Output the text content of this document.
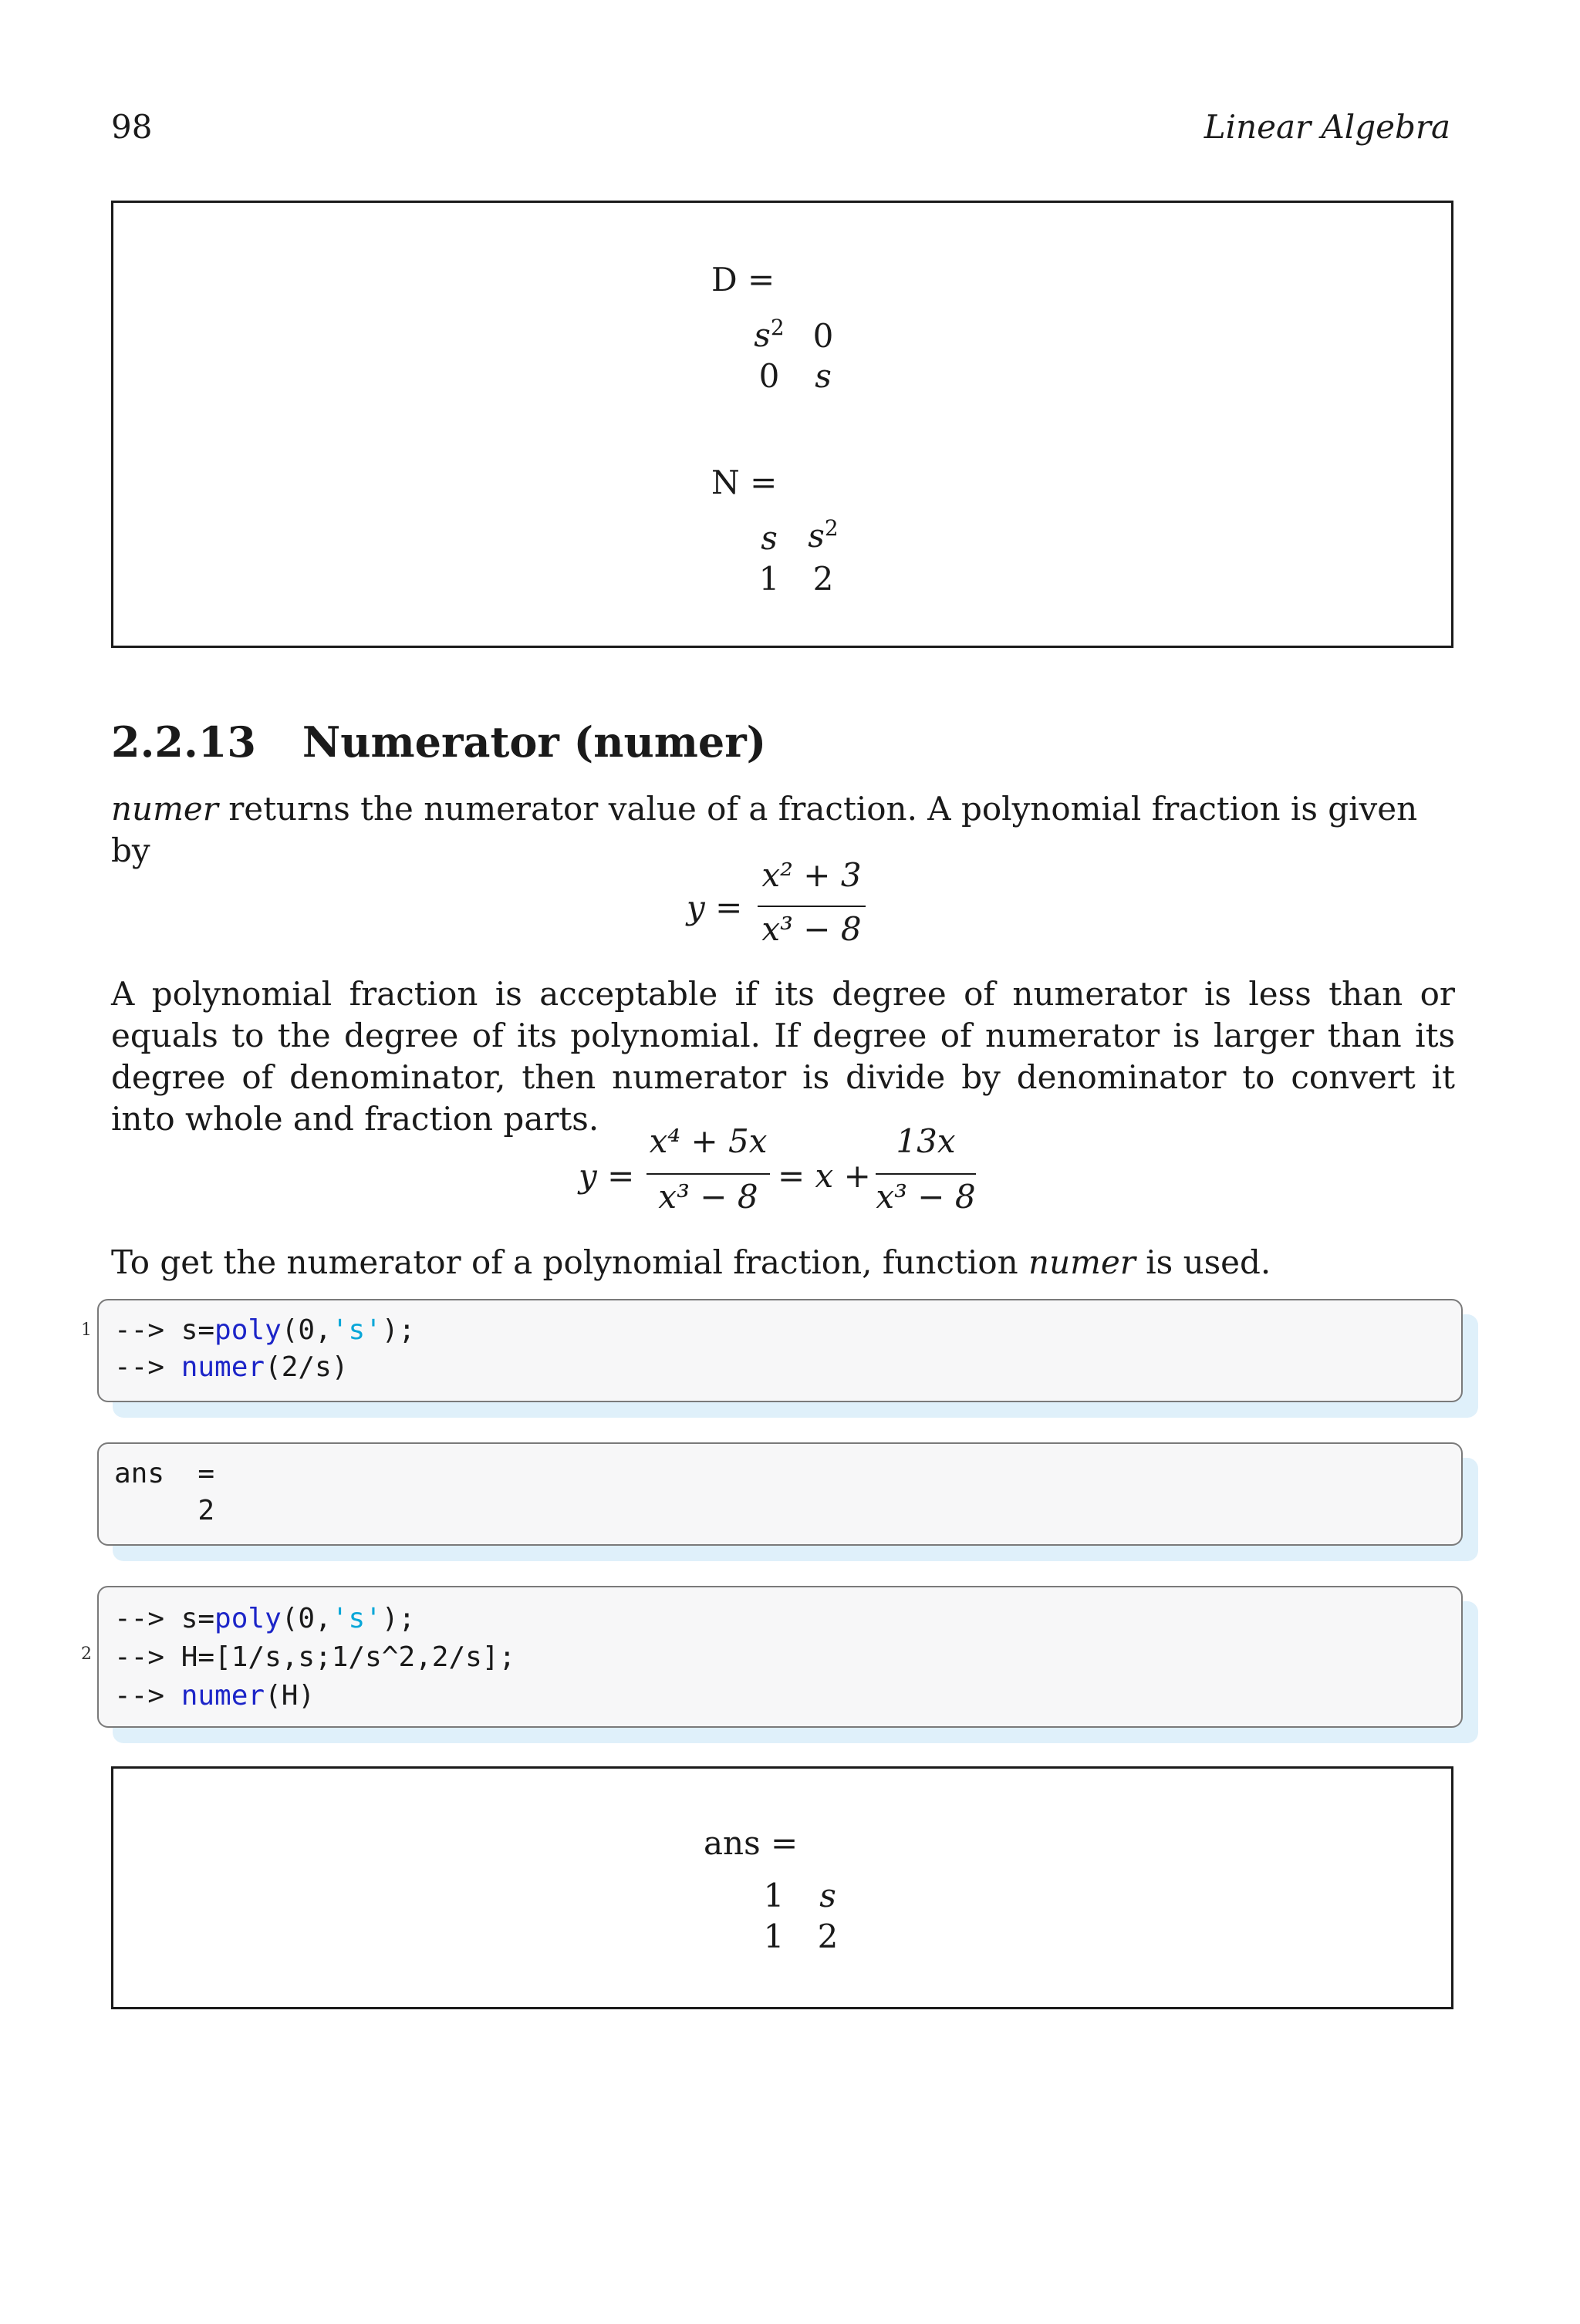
98	Linear Algebra
D =
$s^2$ 0
0	s
N =
s $s^2$
1	2
2.2.13 Numerator (numer)
numer returns the numerator value of a fraction. A polynomial fraction is given by
y =
x² + 3
x³ − 8
A polynomial fraction is acceptable if its degree of numerator is less than or equals to the degree of its polynomial. If degree of numerator is larger than its degree of denominator, then numerator is divide by denominator to convert it into whole and fraction parts.
y =
x⁴ + 5x
x³ − 8
= x +
13x
x³ − 8
To get the numerator of a polynomial fraction, function numer is used.
1 --> s=poly(0,'s');
--> numer(2/s)
ans  =
2
2
--> s=poly(0,'s');
--> H=[1/s,s;1/s^2,2/s];
--> numer(H)
ans =
1	s
1	2
